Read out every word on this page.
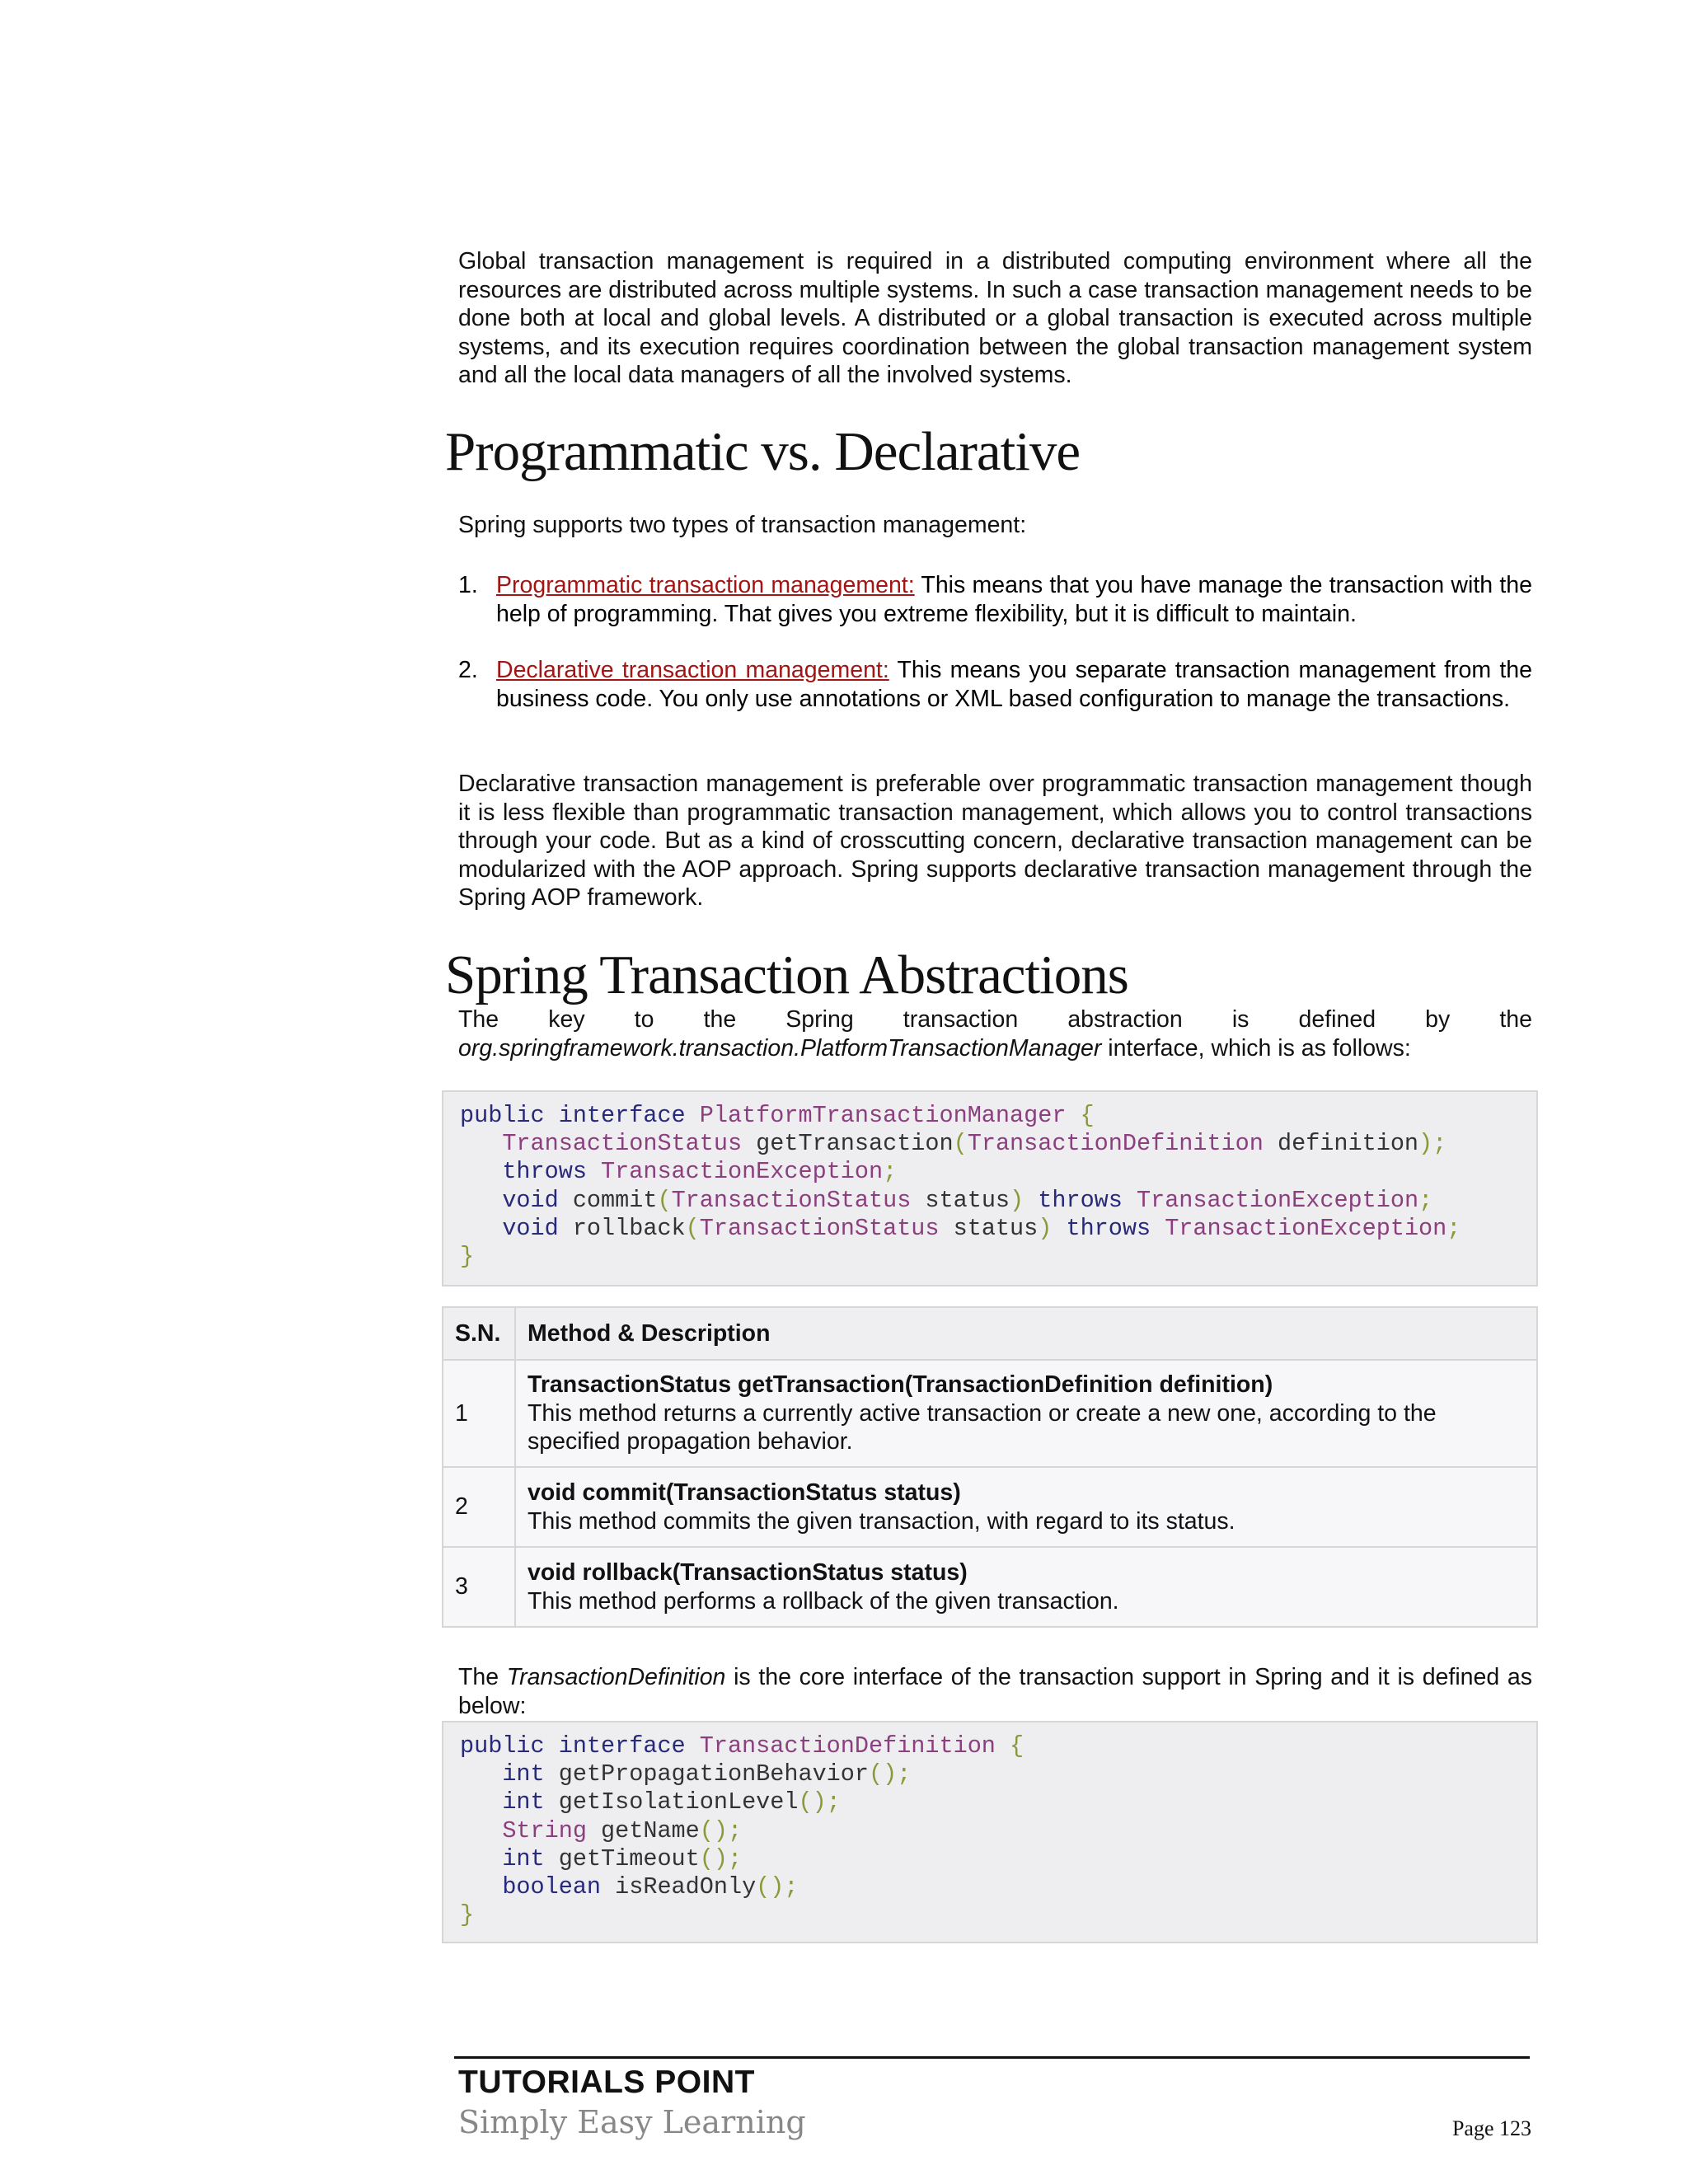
Global transaction management is required in a distributed computing environment where all the resources are distributed across multiple systems. In such a case transaction management needs to be done both at local and global levels. A distributed or a global transaction is executed across multiple systems, and its execution requires coordination between the global transaction management system and all the local data managers of all the involved systems.

Programmatic vs. Declarative

Spring supports two types of transaction management:

1. Programmatic transaction management: This means that you have manage the transaction with the help of programming. That gives you extreme flexibility, but it is difficult to maintain.
2. Declarative transaction management: This means you separate transaction management from the business code. You only use annotations or XML based configuration to manage the transactions.

Declarative transaction management is preferable over programmatic transaction management though it is less flexible than programmatic transaction management, which allows you to control transactions through your code. But as a kind of crosscutting concern, declarative transaction management can be modularized with the AOP approach. Spring supports declarative transaction management through the Spring AOP framework.

Spring Transaction Abstractions
The key to the Spring transaction abstraction is defined by the
org.springframework.transaction.PlatformTransactionManager interface, which is as follows:
public interface PlatformTransactionManager {
TransactionStatus getTransaction(TransactionDefinition definition);
throws TransactionException;
void commit(TransactionStatus status) throws TransactionException;
void rollback(TransactionStatus status) throws TransactionException;
}
S.N.	Method & Description
1	TransactionStatus getTransaction(TransactionDefinition definition)
This method returns a currently active transaction or create a new one, according to the specified propagation behavior.
2	void commit(TransactionStatus status)
This method commits the given transaction, with regard to its status.
3	void rollback(TransactionStatus status)
This method performs a rollback of the given transaction.

The TransactionDefinition is the core interface of the transaction support in Spring and it is defined as below:

public interface TransactionDefinition {
int getPropagationBehavior();
int getIsolationLevel();
String getName();
int getTimeout();
boolean isReadOnly();
}
TUTORIALS POINT
Simply Easy Learning	Page 123
